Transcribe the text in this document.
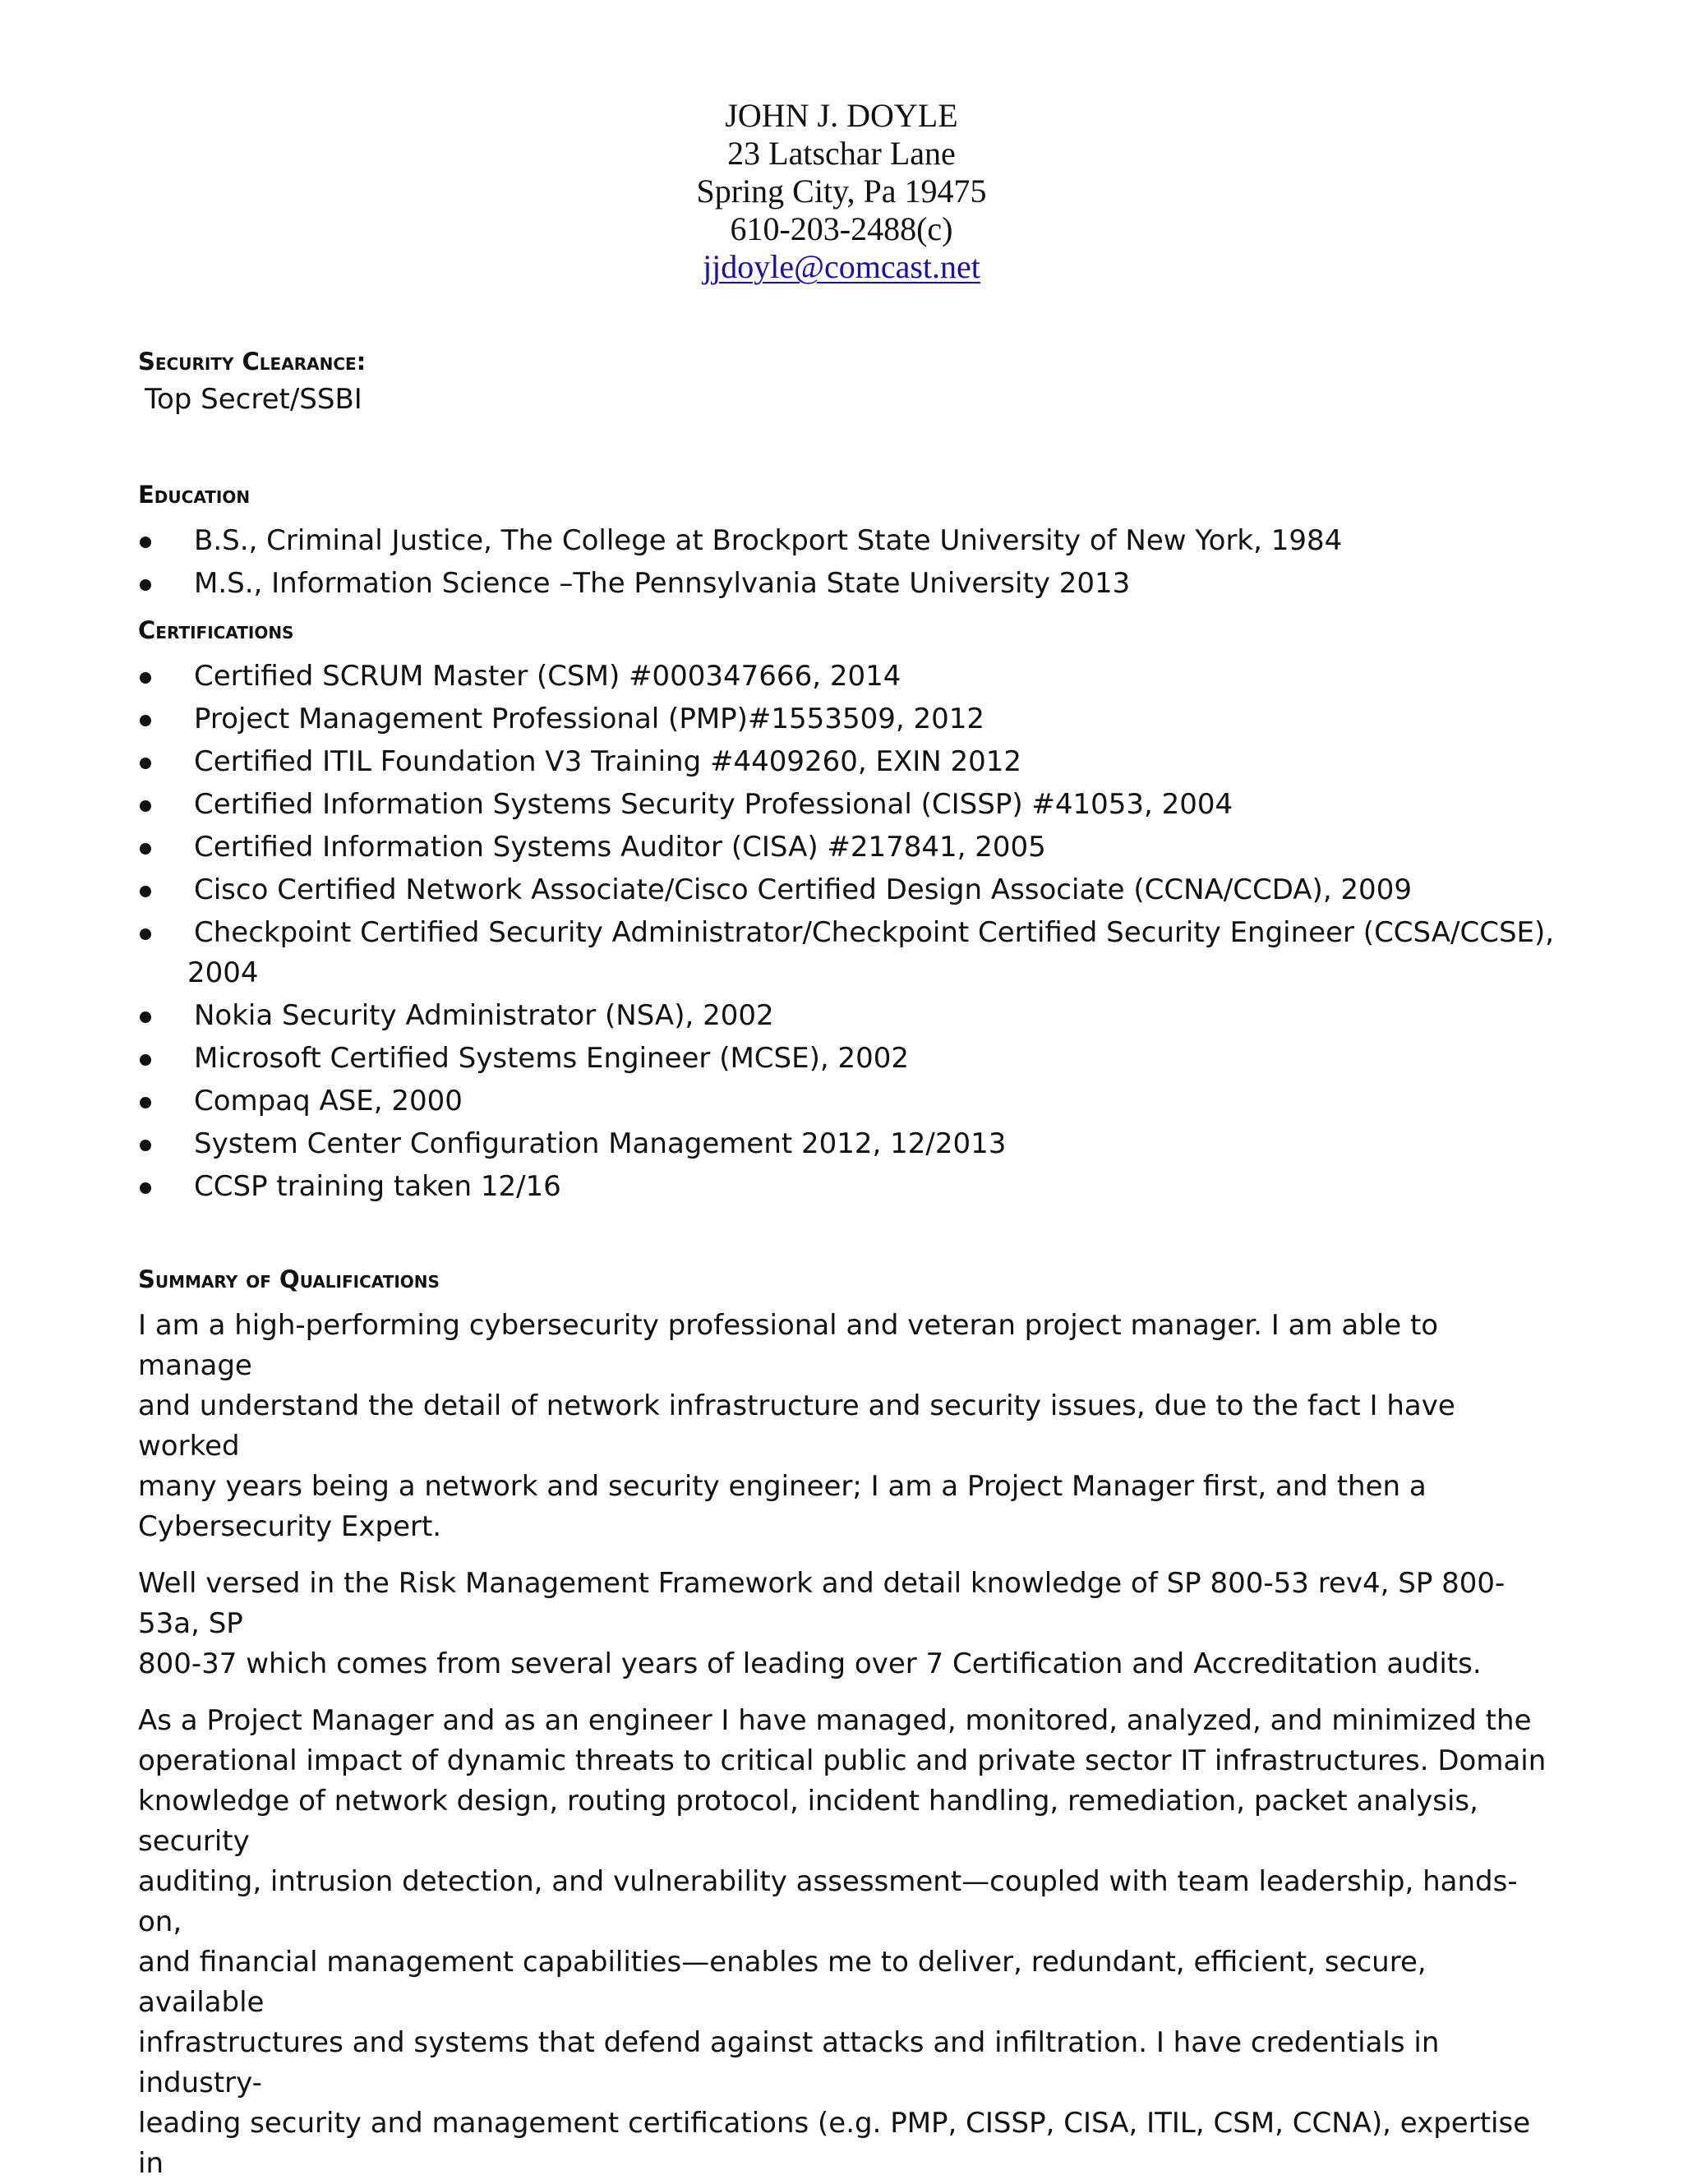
JOHN J. DOYLE
23 Latschar Lane
Spring City, Pa 19475
610-203-2488(c)
jjdoyle@comcast.net
Security Clearance:
Top Secret/SSBI
Education
B.S., Criminal Justice, The College at Brockport State University of New York, 1984
M.S., Information Science –The Pennsylvania State University 2013
Certifications
Certified SCRUM Master (CSM) #000347666, 2014
Project Management Professional (PMP)#1553509, 2012
Certified ITIL Foundation V3 Training #4409260, EXIN 2012
Certified Information Systems Security Professional (CISSP) #41053, 2004
Certified Information Systems Auditor (CISA) #217841, 2005
Cisco Certified Network Associate/Cisco Certified Design Associate (CCNA/CCDA), 2009
Checkpoint Certified Security Administrator/Checkpoint Certified Security Engineer (CCSA/CCSE),
2004
Nokia Security Administrator (NSA), 2002
Microsoft Certified Systems Engineer (MCSE), 2002
Compaq ASE, 2000
System Center Configuration Management 2012, 12/2013
CCSP training taken 12/16
Summary of Qualifications

I am a high-performing cybersecurity professional and veteran project manager. I am able to manage
and understand the detail of network infrastructure and security issues, due to the fact I have worked
many years being a network and security engineer; I am a Project Manager first, and then a
Cybersecurity Expert.

Well versed in the Risk Management Framework and detail knowledge of SP 800-53 rev4, SP 800-53a, SP
800-37 which comes from several years of leading over 7 Certification and Accreditation audits.

As a Project Manager and as an engineer I have managed, monitored, analyzed, and minimized the
operational impact of dynamic threats to critical public and private sector IT infrastructures. Domain
knowledge of network design, routing protocol, incident handling, remediation, packet analysis, security
auditing, intrusion detection, and vulnerability assessment—coupled with team leadership, hands-on,
and financial management capabilities—enables me to deliver, redundant, efficient, secure, available
infrastructures and systems that defend against attacks and infiltration. I have credentials in industry-
leading security and management certifications (e.g. PMP, CISSP, CISA, ITIL, CSM, CCNA), expertise in
